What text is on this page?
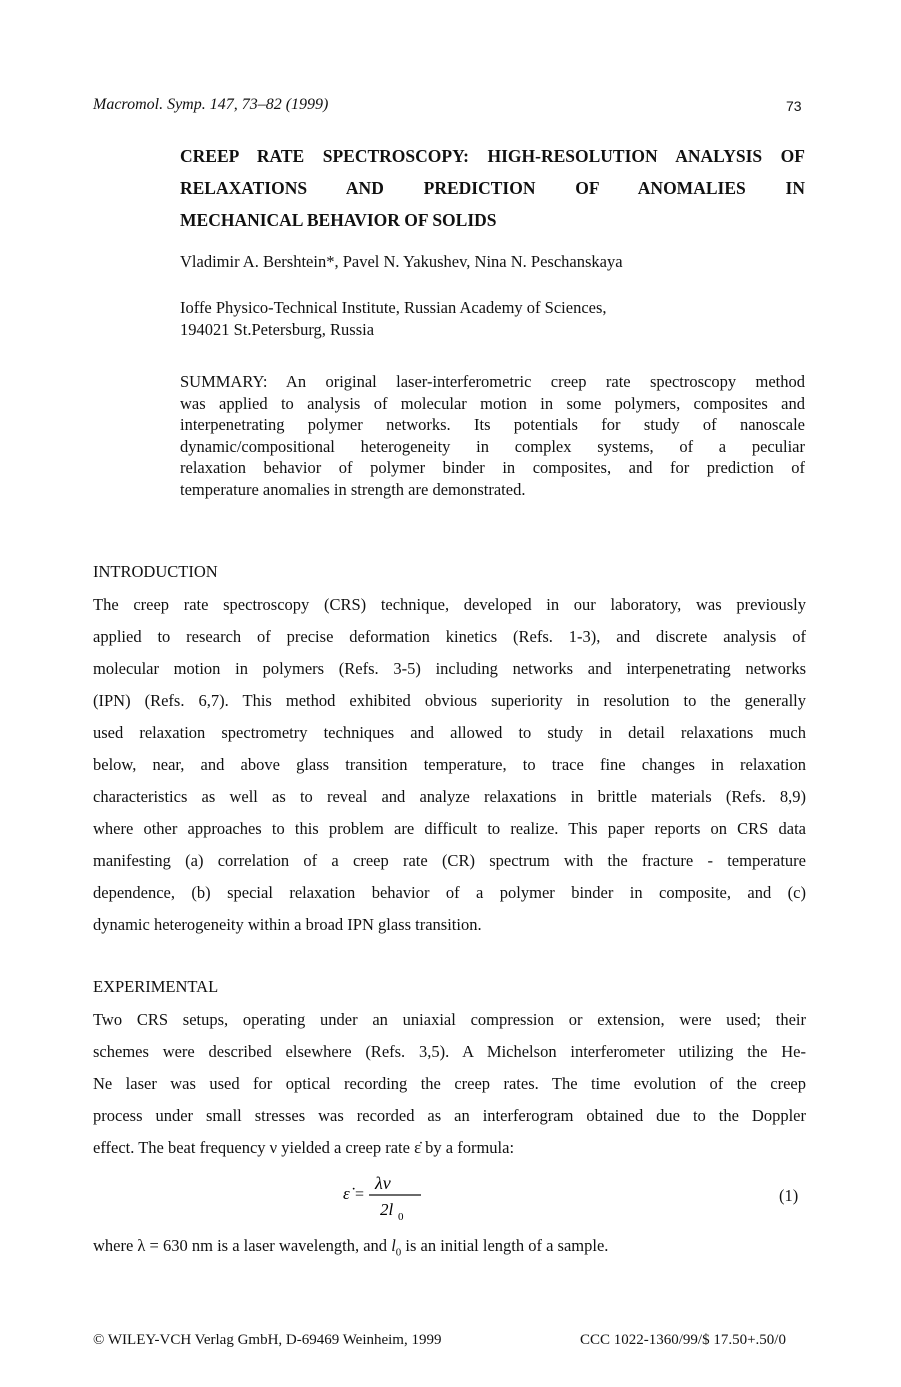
Macromol. Symp. 147, 73–82 (1999)	73
CREEP RATE SPECTROSCOPY: HIGH-RESOLUTION ANALYSIS OF
RELAXATIONS AND PREDICTION OF ANOMALIES IN
MECHANICAL BEHAVIOR OF SOLIDS
Vladimir A. Bershtein*, Pavel N. Yakushev, Nina N. Peschanskaya
Ioffe Physico-Technical Institute, Russian Academy of Sciences,
194021 St.Petersburg, Russia
SUMMARY: An original laser-interferometric creep rate spectroscopy method
was applied to analysis of molecular motion in some polymers, composites and
interpenetrating polymer networks. Its potentials for study of nanoscale
dynamic/compositional heterogeneity in complex systems, of a peculiar
relaxation behavior of polymer binder in composites, and for prediction of
temperature anomalies in strength are demonstrated.
INTRODUCTION
The creep rate spectroscopy (CRS) technique, developed in our laboratory, was previously
applied to research of precise deformation kinetics (Refs. 1-3), and discrete analysis of
molecular motion in polymers (Refs. 3-5) including networks and interpenetrating networks
(IPN) (Refs. 6,7). This method exhibited obvious superiority in resolution to the generally
used relaxation spectrometry techniques and allowed to study in detail relaxations much
below, near, and above glass transition temperature, to trace fine changes in relaxation
characteristics as well as to reveal and analyze relaxations in brittle materials (Refs. 8,9)
where other approaches to this problem are difficult to realize. This paper reports on CRS data
manifesting (a) correlation of a creep rate (CR) spectrum with the fracture - temperature
dependence, (b) special relaxation behavior of a polymer binder in composite, and (c)
dynamic heterogeneity within a broad IPN glass transition.
EXPERIMENTAL
Two CRS setups, operating under an uniaxial compression or extension, were used; their
schemes were described elsewhere (Refs. 3,5). A Michelson interferometer utilizing the He-
Ne laser was used for optical recording the creep rates. The time evolution of the creep
process under small stresses was recorded as an interferogram obtained due to the Doppler
effect. The beat frequency ν yielded a creep rate ε̇ by a formula:
ε̇ =
λν
2l 0
(1)
where λ = 630 nm is a laser wavelength, and $l_0$ is an initial length of a sample.
© WILEY-VCH Verlag GmbH, D-69469 Weinheim, 1999	CCC 1022-1360/99/$ 17.50+.50/0
